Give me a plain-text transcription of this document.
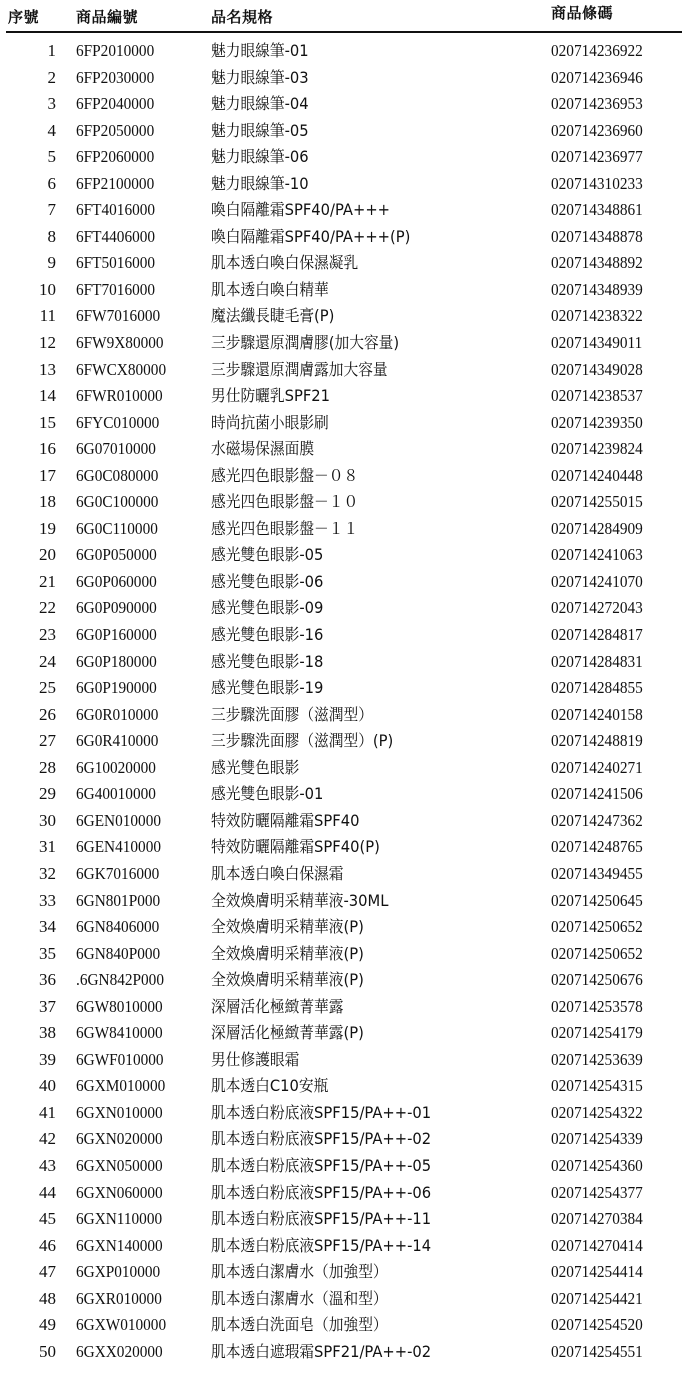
序號 商品編號	品名規格	商品條碼
1 6FP2010000	魅力眼線筆-01	020714236922
2 6FP2030000	魅力眼線筆-03	020714236946
3 6FP2040000	魅力眼線筆-04	020714236953
4 6FP2050000	魅力眼線筆-05	020714236960
5 6FP2060000	魅力眼線筆-06	020714236977
6 6FP2100000	魅力眼線筆-10	020714310233
7 6FT4016000	喚白隔離霜SPF40/PA+++	020714348861
8 6FT4406000	喚白隔離霜SPF40/PA+++(P)	020714348878
9 6FT5016000	肌本透白喚白保濕凝乳	020714348892
10 6FT7016000	肌本透白喚白精華	020714348939
11 6FW7016000	魔法纖長睫毛膏(P)	020714238322
12 6FW9X80000	三步驟還原潤膚膠(加大容量)	020714349011
13 6FWCX80000	三步驟還原潤膚露加大容量	020714349028
14 6FWR010000	男仕防曬乳SPF21	020714238537
15 6FYC010000	時尚抗菌小眼影刷	020714239350
16 6G07010000	水磁場保濕面膜	020714239824
17 6G0C080000	感光四色眼影盤－０８	020714240448
18 6G0C100000	感光四色眼影盤－１０	020714255015
19 6G0C110000	感光四色眼影盤－１１	020714284909
20 6G0P050000	感光雙色眼影-05	020714241063
21 6G0P060000	感光雙色眼影-06	020714241070
22 6G0P090000	感光雙色眼影-09	020714272043
23 6G0P160000	感光雙色眼影-16	020714284817
24 6G0P180000	感光雙色眼影-18	020714284831
25 6G0P190000	感光雙色眼影-19	020714284855
26 6G0R010000	三步驟洗面膠（滋潤型）	020714240158
27 6G0R410000	三步驟洗面膠（滋潤型）(P)	020714248819
28 6G10020000	感光雙色眼影	020714240271
29 6G40010000	感光雙色眼影-01	020714241506
30 6GEN010000	特效防曬隔離霜SPF40	020714247362
31 6GEN410000	特效防曬隔離霜SPF40(P)	020714248765
32 6GK7016000	肌本透白喚白保濕霜	020714349455
33 6GN801P000	全效煥膚明采精華液-30ML	020714250645
34 6GN8406000	全效煥膚明采精華液(P)	020714250652
35 6GN840P000	全效煥膚明采精華液(P)	020714250652
36 .6GN842P000	全效煥膚明采精華液(P)	020714250676
37 6GW8010000	深層活化極緻菁華露	020714253578
38 6GW8410000	深層活化極緻菁華露(P)	020714254179
39 6GWF010000	男仕修護眼霜	020714253639
40 6GXM010000	肌本透白C10安瓶	020714254315
41 6GXN010000	肌本透白粉底液SPF15/PA++-01	020714254322
42 6GXN020000	肌本透白粉底液SPF15/PA++-02	020714254339
43 6GXN050000	肌本透白粉底液SPF15/PA++-05	020714254360
44 6GXN060000	肌本透白粉底液SPF15/PA++-06	020714254377
45 6GXN110000	肌本透白粉底液SPF15/PA++-11	020714270384
46 6GXN140000	肌本透白粉底液SPF15/PA++-14	020714270414
47 6GXP010000	肌本透白潔膚水（加強型）	020714254414
48 6GXR010000	肌本透白潔膚水（溫和型）	020714254421
49 6GXW010000	肌本透白洗面皂（加強型）	020714254520
50 6GXX020000	肌本透白遮瑕霜SPF21/PA++-02	020714254551
